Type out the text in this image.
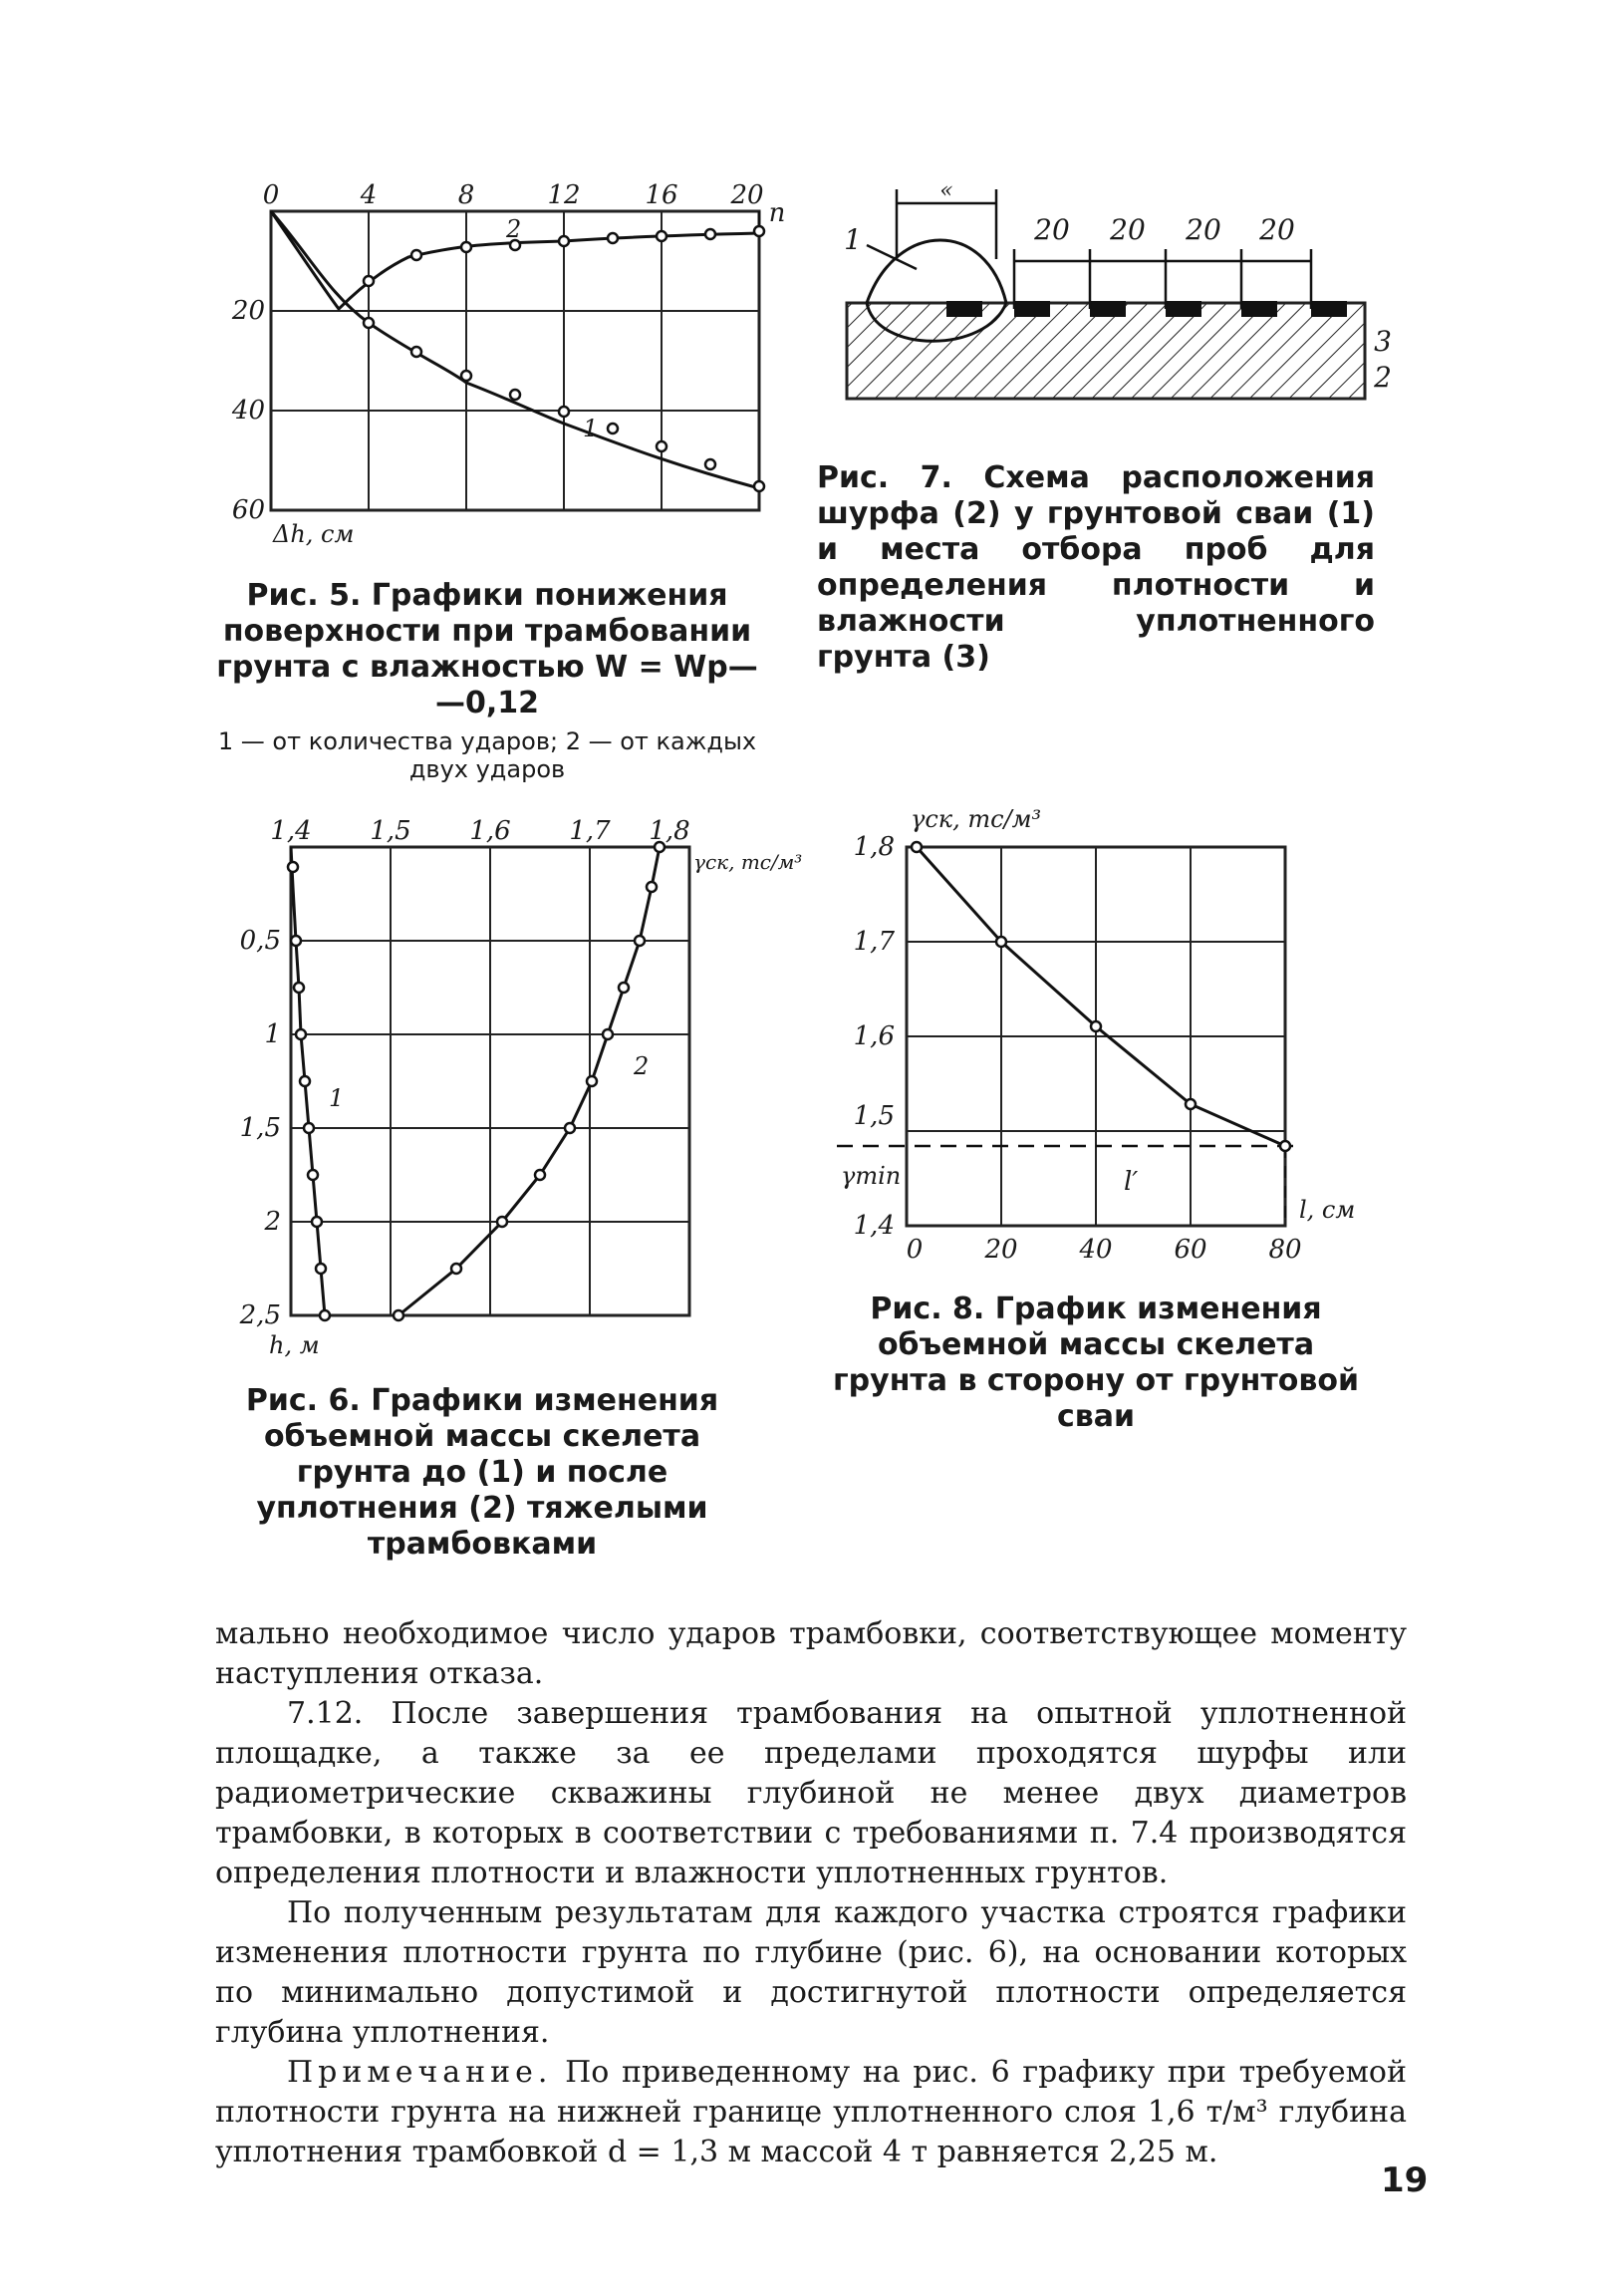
0	4	8	12 16 20
n
20
40
60
Δh, см
1
2

Рис. 5. Графики понижения поверхности при трамбовании грунта с влажностью W = Wр—

—0,12

1 — от количества ударов; 2 — от каждых двух ударов

20 20 20 20
«
1
2
3

Рис. 7. Схема расположения шурфа (2) у грунтовой сваи (1) и места отбора проб для определения плотности и влажности уплотненного грунта (3)

1,4 1,5 1,6 1,7 1,8
γск, тс/м³
0,5
1
1,5
2
2,5
h, м
1
2

Рис. 6. Графики изменения объемной массы скелета грунта до (1) и после уплотнения (2) тяжелыми трамбовками

1,8
1,7
1,6
1,5
1,4
γск, тс/м³
γmin	l′
0 20 40 60 80
l, см

Рис. 8. График изменения объемной массы скелета грунта в сторону от грунтовой сваи

мально необходимое число ударов трамбовки, соответствующее моменту наступления отказа.

7.12. После завершения трамбования на опытной уплотненной площадке, а также за ее пределами проходятся шурфы или радиометрические скважины глубиной не менее двух диаметров трамбовки, в которых в соответствии с требованиями п. 7.4 производятся определения плотности и влажности уплотненных грунтов.

По полученным результатам для каждого участка строятся графики изменения плотности грунта по глубине (рис. 6), на основании которых по минимально допустимой и достигнутой плотности определяется глубина уплотнения.

Примечание. По приведенному на рис. 6 графику при требуемой плотности грунта на нижней границе уплотненного слоя 1,6 т/м³ глубина уплотнения трамбовкой d = 1,3 м массой 4 т равняется 2,25 м.

19
